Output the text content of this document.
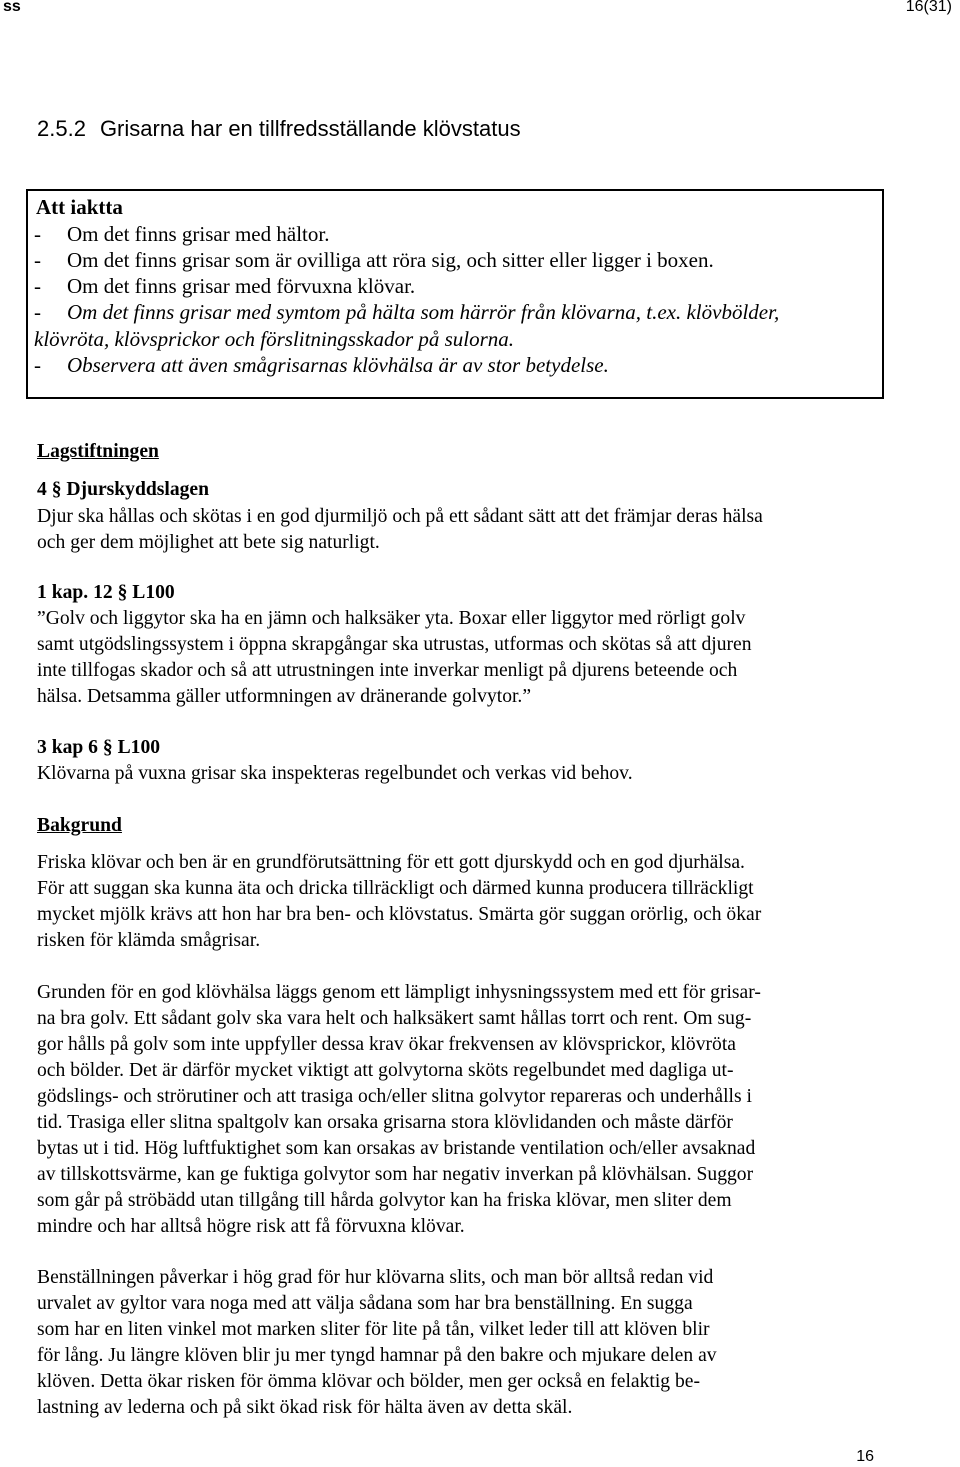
ss	16(31)
2.5.2 Grisarna har en tillfredsställande klövstatus
Att iaktta
- Om det finns grisar med hältor.
- Om det finns grisar som är ovilliga att röra sig, och sitter eller ligger i boxen.
- Om det finns grisar med förvuxna klövar.
- Om det finns grisar med symtom på hälta som härrör från klövarna, t.ex. klövbölder,
klövröta, klövsprickor och förslitningsskador på sulorna.
- Observera att även smågrisarnas klövhälsa är av stor betydelse.
Lagstiftningen
4 § Djurskyddslagen
Djur ska hållas och skötas i en god djurmiljö och på ett sådant sätt att det främjar deras hälsa
och ger dem möjlighet att bete sig naturligt.
1 kap. 12 § L100
”Golv och liggytor ska ha en jämn och halksäker yta. Boxar eller liggytor med rörligt golv
samt utgödslingssystem i öppna skrapgångar ska utrustas, utformas och skötas så att djuren
inte tillfogas skador och så att utrustningen inte inverkar menligt på djurens beteende och
hälsa. Detsamma gäller utformningen av dränerande golvytor.”
3 kap 6 § L100
Klövarna på vuxna grisar ska inspekteras regelbundet och verkas vid behov.
Bakgrund
Friska klövar och ben är en grundförutsättning för ett gott djurskydd och en god djurhälsa.
För att suggan ska kunna äta och dricka tillräckligt och därmed kunna producera tillräckligt
mycket mjölk krävs att hon har bra ben- och klövstatus. Smärta gör suggan orörlig, och ökar
risken för klämda smågrisar.
Grunden för en god klövhälsa läggs genom ett lämpligt inhysningssystem med ett för grisar-
na bra golv. Ett sådant golv ska vara helt och halksäkert samt hållas torrt och rent. Om sug-
gor hålls på golv som inte uppfyller dessa krav ökar frekvensen av klövsprickor, klövröta
och bölder. Det är därför mycket viktigt att golvytorna sköts regelbundet med dagliga ut-
gödslings- och strörutiner och att trasiga och/eller slitna golvytor repareras och underhålls i
tid. Trasiga eller slitna spaltgolv kan orsaka grisarna stora klövlidanden och måste därför
bytas ut i tid. Hög luftfuktighet som kan orsakas av bristande ventilation och/eller avsaknad
av tillskottsvärme, kan ge fuktiga golvytor som har negativ inverkan på klövhälsan. Suggor
som går på ströbädd utan tillgång till hårda golvytor kan ha friska klövar, men sliter dem
mindre och har alltså högre risk att få förvuxna klövar.
Benställningen påverkar i hög grad för hur klövarna slits, och man bör alltså redan vid
urvalet av gyltor vara noga med att välja sådana som har bra benställning. En sugga
som har en liten vinkel mot marken sliter för lite på tån, vilket leder till att klöven blir
för lång. Ju längre klöven blir ju mer tyngd hamnar på den bakre och mjukare delen av
klöven. Detta ökar risken för ömma klövar och bölder, men ger också en felaktig be-
lastning av lederna och på sikt ökad risk för hälta även av detta skäl.
16
